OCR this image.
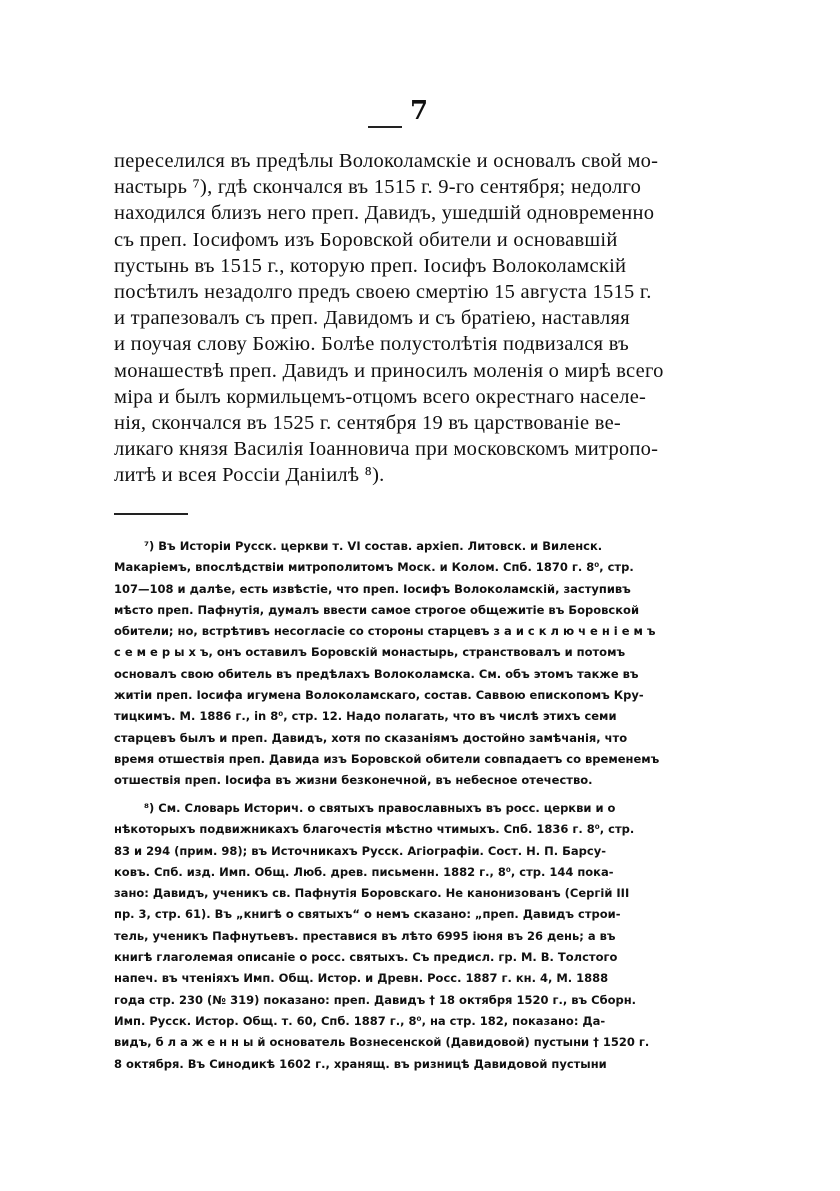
7
переселился въ предѣлы Волоколамскіе и основалъ свой мо-
настырь ⁷), гдѣ скончался въ 1515 г. 9-го сентября; недолго
находился близъ него преп. Давидъ, ушедшій одновременно
съ преп. Іосифомъ изъ Боровской обители и основавшій
пустынь въ 1515 г., которую преп. Іосифъ Волоколамскій
посѣтилъ незадолго предъ своею смертію 15 августа 1515 г.
и трапезовалъ съ преп. Давидомъ и съ братіею, наставляя
и поучая слову Божію. Болѣе полустолѣтія подвизался въ
монашествѣ преп. Давидъ и приносилъ моленія о мирѣ всего
міра и былъ кормильцемъ-отцомъ всего окрестнаго населе-
нія, скончался въ 1525 г. сентября 19 въ царствованіе ве-
ликаго князя Василія Іоанновича при московскомъ митропо-
литѣ и всея Россіи Даніилѣ ⁸).
⁷) Въ Исторіи Русск. церкви т. VI состав. архіеп. Литовск. и Виленск.
Макаріемъ, впослѣдствіи митрополитомъ Моск. и Колом. Спб. 1870 г. 8⁰, стр.
107—108 и далѣе, есть извѣстіе, что преп. Іосифъ Волоколамскій, заступивъ
мѣсто преп. Пафнутія, думалъ ввести самое строгое общежитіе въ Боровской
обители; но, встрѣтивъ несогласіе со стороны старцевъ з а и с к л ю ч е н і е м ъ
с е м е р ы х ъ, онъ оставилъ Боровскій монастырь, странствовалъ и потомъ
основалъ свою обитель въ предѣлахъ Волоколамска. См. объ этомъ также въ
житіи преп. Іосифа игумена Волоколамскаго, состав. Саввою епископомъ Кру-
тицкимъ. М. 1886 г., in 8⁰, стр. 12. Надо полагать, что въ числѣ этихъ семи
старцевъ былъ и преп. Давидъ, хотя по сказаніямъ достойно замѣчанія, что
время отшествія преп. Давида изъ Боровской обители совпадаетъ со временемъ
отшествія преп. Іосифа въ жизни безконечной, въ небесное отечество.
⁸) См. Словарь Историч. о святыхъ православныхъ въ росс. церкви и о
нѣкоторыхъ подвижникахъ благочестія мѣстно чтимыхъ. Спб. 1836 г. 8⁰, стр.
83 и 294 (прим. 98); въ Источникахъ Русск. Агіографіи. Сост. Н. П. Барсу-
ковъ. Спб. изд. Имп. Общ. Люб. древ. письменн. 1882 г., 8⁰, стр. 144 пока-
зано: Давидъ, ученикъ св. Пафнутія Боровскаго. Не канонизованъ (Сергій III
пр. 3, стр. 61). Въ „книгѣ о святыхъ“ о немъ сказано: „преп. Давидъ строи-
тель, ученикъ Пафнутьевъ. преставися въ лѣто 6995 іюня въ 26 день; а въ
книгѣ глаголемая описаніе о росс. святыхъ. Съ предисл. гр. М. В. Толстого
напеч. въ чтеніяхъ Имп. Общ. Истор. и Древн. Росс. 1887 г. кн. 4, М. 1888
года стр. 230 (№ 319) показано: преп. Давидъ † 18 октября 1520 г., въ Сборн.
Имп. Русск. Истор. Общ. т. 60, Спб. 1887 г., 8⁰, на стр. 182, показано: Да-
видъ, б л а ж е н н ы й основатель Вознесенской (Давидовой) пустыни † 1520 г.
8 октября. Въ Синодикѣ 1602 г., хранящ. въ ризницѣ Давидовой пустыни
